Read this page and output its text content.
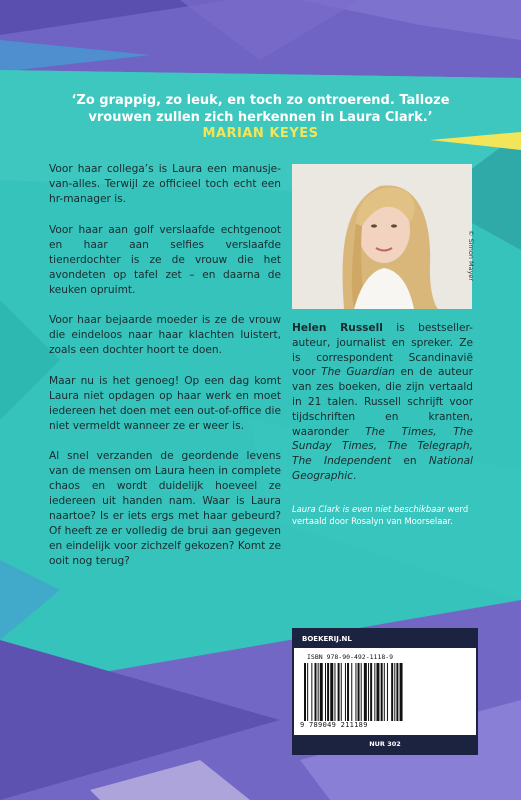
‘Zo grappig, zo leuk, en toch zo ontroerend. Talloze
vrouwen zullen zich herkennen in Laura Clark.’
MARIAN KEYES

Voor haar collega’s is Laura een manusje-van-alles. Terwijl ze officieel toch echt een hr-manager is.

Voor haar aan golf verslaafde echtgenoot en haar aan selfies verslaafde tienerdochter is ze de vrouw die het avondeten op tafel zet – en daarna de keuken opruimt.

Voor haar bejaarde moeder is ze de vrouw die eindeloos naar haar klachten luistert, zoals een dochter hoort te doen.

Maar nu is het genoeg! Op een dag komt Laura niet opdagen op haar werk en moet iedereen het doen met een out-of-office die niet vermeldt wanneer ze er weer is.

Al snel verzanden de geordende levens van de mensen om Laura heen in complete chaos en wordt duidelijk hoeveel ze iedereen uit handen nam. Waar is Laura naartoe? Is er iets ergs met haar gebeurd? Of heeft ze er volledig de brui aan gegeven en eindelijk voor zichzelf gekozen? Komt ze ooit nog terug?

© Simon Mayer
Helen Russell is bestseller-auteur, journalist en spreker. Ze is correspondent Scandinavië voor The Guardian en de auteur van zes boeken, die zijn vertaald in 21 talen. Russell schrijft voor tijdschriften en kranten, waaronder The Times, The Sunday Times, The Telegraph, The Independent en National Geographic.
Laura Clark is even niet beschikbaar werd vertaald door Rosalyn van Moorselaar.
BOEKERIJ.NL
ISBN 978-90-492-1118-9
9 789049 211189
NUR 302
